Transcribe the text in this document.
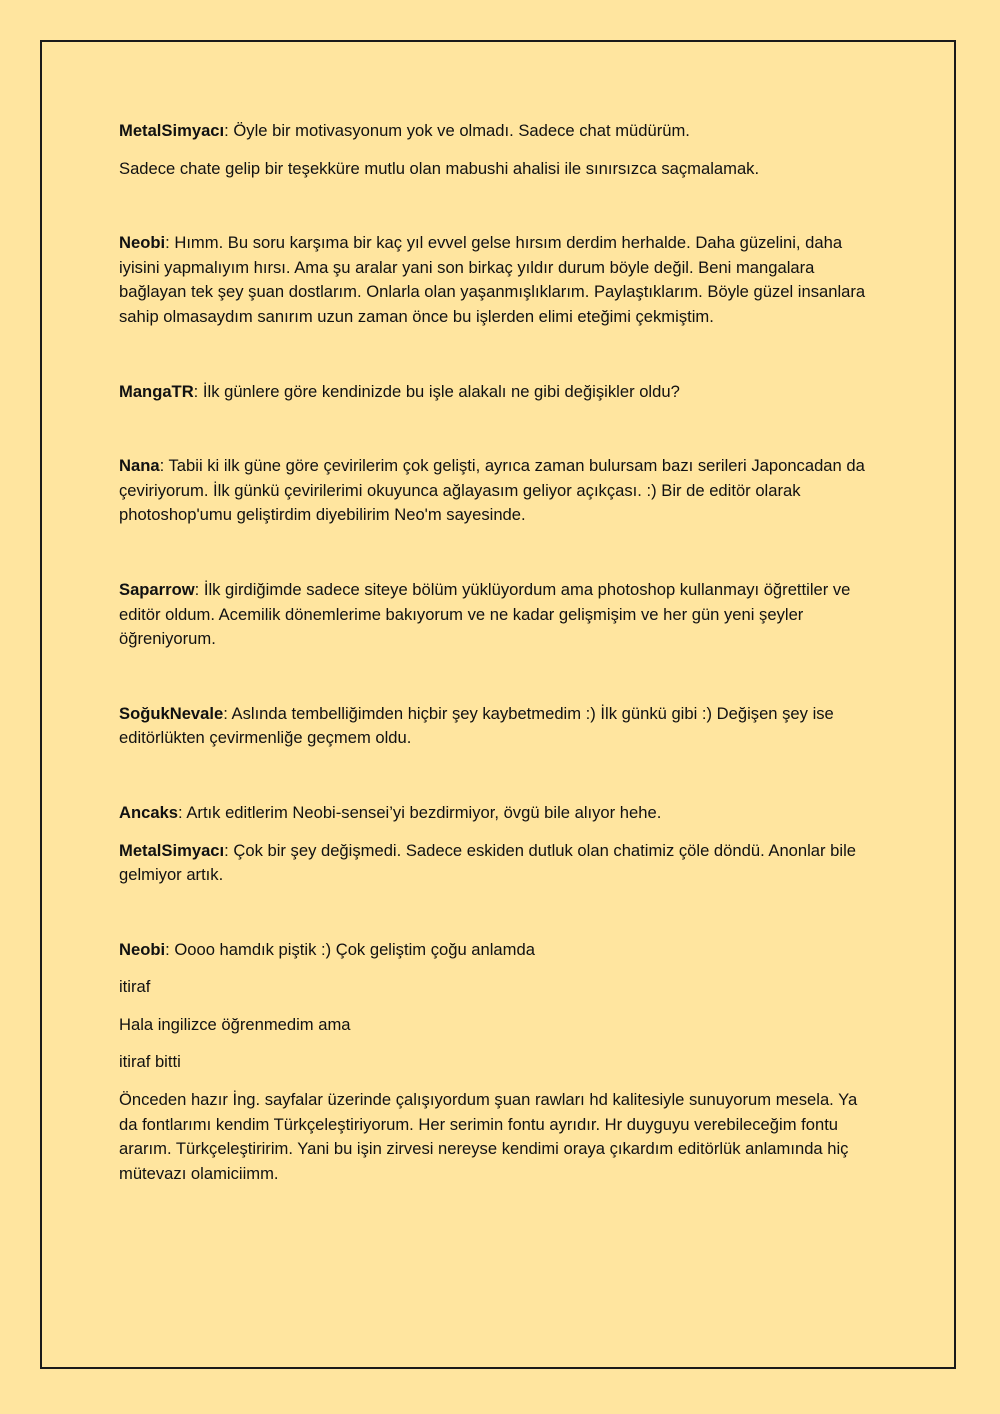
MetalSimyacı: Öyle bir motivasyonum yok ve olmadı. Sadece chat müdürüm.

Sadece chate gelip bir teşekküre mutlu olan mabushi ahalisi ile sınırsızca saçmalamak.

Neobi: Hımm. Bu soru karşıma bir kaç yıl evvel gelse hırsım derdim herhalde. Daha güzelini, daha iyisini yapmalıyım hırsı. Ama şu aralar yani son birkaç yıldır durum böyle değil. Beni mangalara bağlayan tek şey şuan dostlarım. Onlarla olan yaşanmışlıklarım. Paylaştıklarım. Böyle güzel insanlara sahip olmasaydım sanırım uzun zaman önce bu işlerden elimi eteğimi çekmiştim.

MangaTR: İlk günlere göre kendinizde bu işle alakalı ne gibi değişikler oldu?

Nana: Tabii ki ilk güne göre çevirilerim çok gelişti, ayrıca zaman bulursam bazı serileri Japoncadan da çeviriyorum. İlk günkü çevirilerimi okuyunca ağlayasım geliyor açıkçası. :) Bir de editör olarak photoshop'umu geliştirdim diyebilirim Neo'm sayesinde.

Saparrow: İlk girdiğimde sadece siteye bölüm yüklüyordum ama photoshop kullanmayı öğrettiler ve editör oldum. Acemilik dönemlerime bakıyorum ve ne kadar gelişmişim ve her gün yeni şeyler öğreniyorum.

SoğukNevale: Aslında tembelliğimden hiçbir şey kaybetmedim :) İlk günkü gibi :) Değişen şey ise editörlükten çevirmenliğe geçmem oldu.

Ancaks: Artık editlerim Neobi-sensei’yi bezdirmiyor, övgü bile alıyor hehe.

MetalSimyacı: Çok bir şey değişmedi. Sadece eskiden dutluk olan chatimiz çöle döndü. Anonlar bile gelmiyor artık.

Neobi: Oooo hamdık piştik :) Çok geliştim çoğu anlamda

itiraf

Hala ingilizce öğrenmedim ama

itiraf bitti

Önceden hazır İng. sayfalar üzerinde çalışıyordum şuan rawları hd kalitesiyle sunuyorum mesela. Ya da fontlarımı kendim Türkçeleştiriyorum. Her serimin fontu ayrıdır. Hr duyguyu verebileceğim fontu ararım. Türkçeleştiririm. Yani bu işin zirvesi nereyse kendimi oraya çıkardım editörlük anlamında hiç mütevazı olamiciimm.
